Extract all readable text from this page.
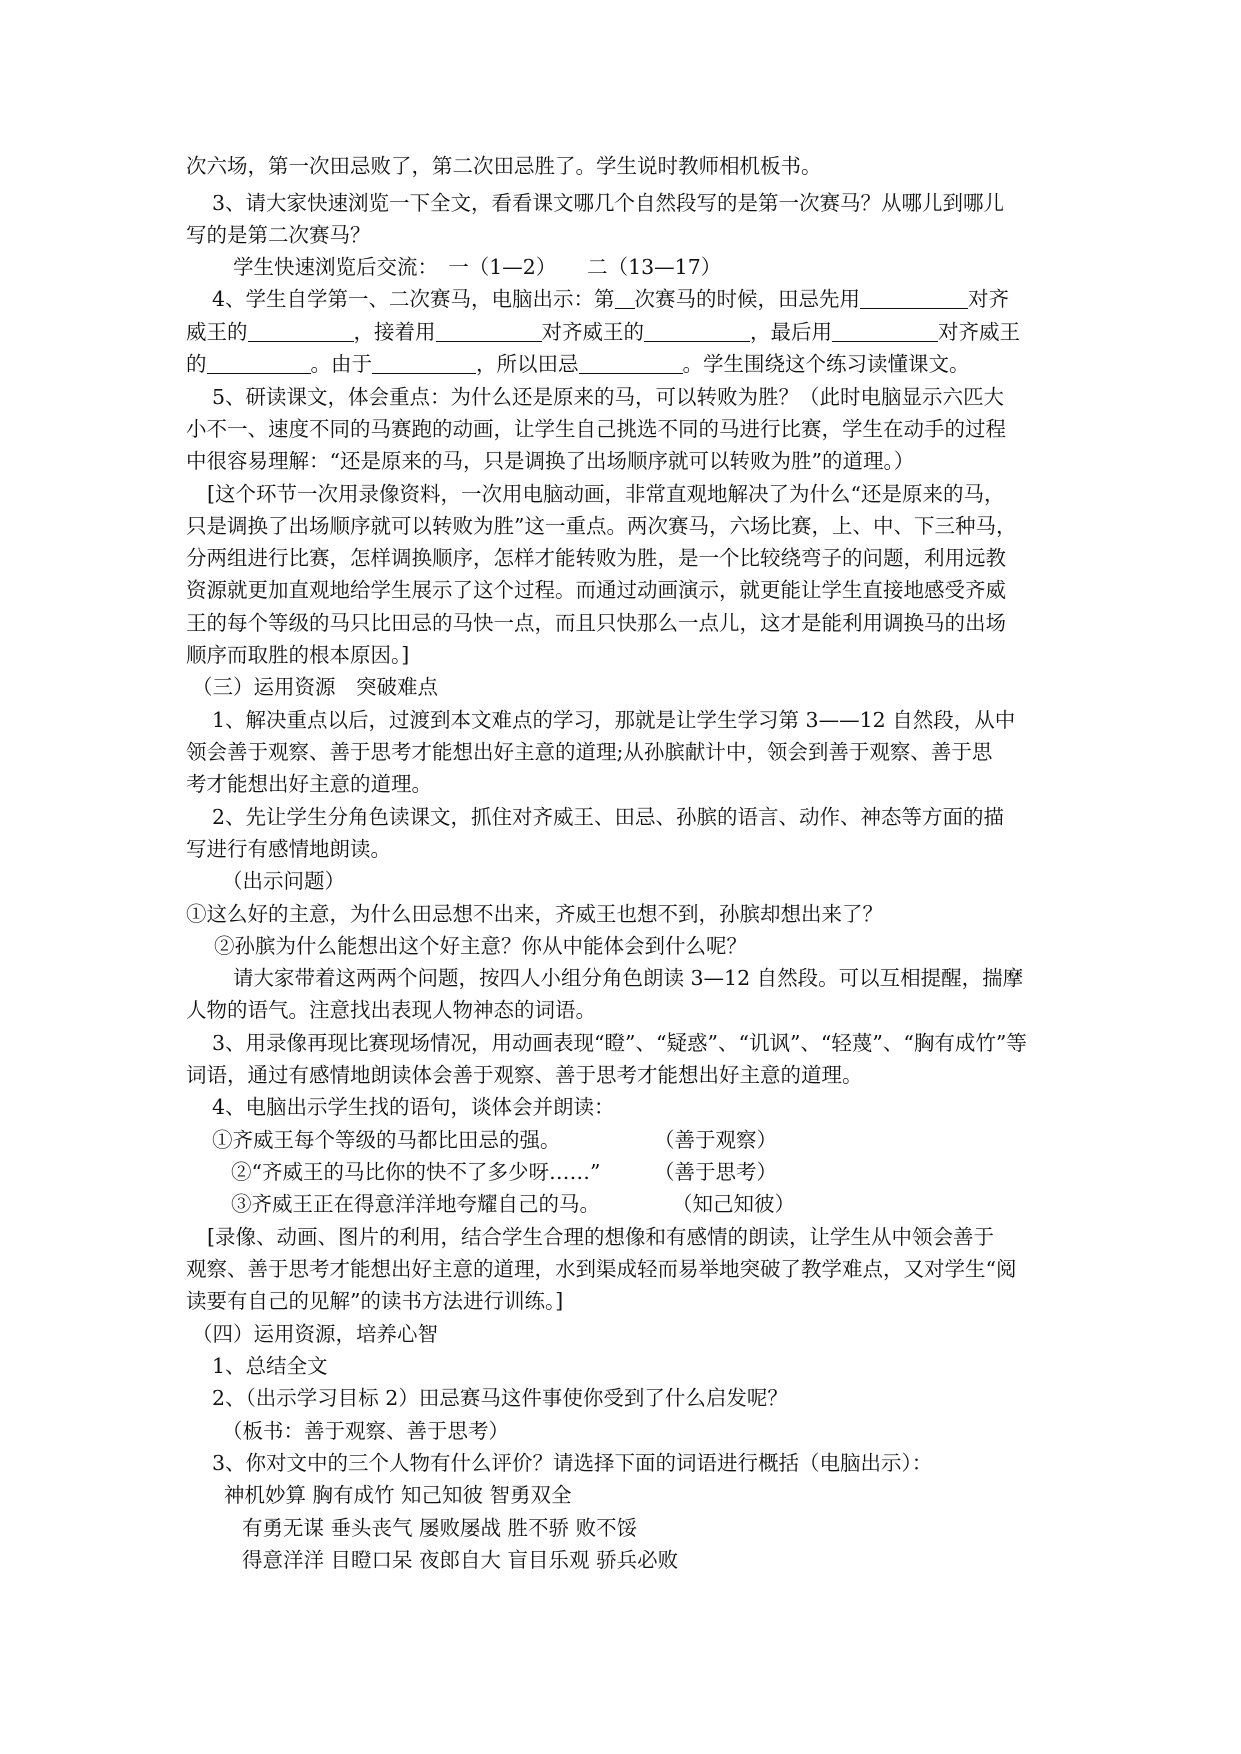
次六场，第一次田忌败了，第二次田忌胜了。学生说时教师相机板书。
3、请大家快速浏览一下全文，看看课文哪几个自然段写的是第一次赛马？从哪儿到哪儿
写的是第二次赛马？
学生快速浏览后交流：　一（1—2）　　二（13—17）
4、学生自学第一、二次赛马，电脑出示：第 次赛马的时候，田忌先用	对齐
威王的	，接着用	对齐威王的	，最后用	对齐威王
的	。由于	，所以田忌	。学生围绕这个练习读懂课文。
5、研读课文，体会重点：为什么还是原来的马，可以转败为胜？（此时电脑显示六匹大
小不一、速度不同的马赛跑的动画，让学生自己挑选不同的马进行比赛，学生在动手的过程
中很容易理解：“还是原来的马，只是调换了出场顺序就可以转败为胜”的道理。）
[这个环节一次用录像资料，一次用电脑动画，非常直观地解决了为什么“还是原来的马，
只是调换了出场顺序就可以转败为胜”这一重点。两次赛马，六场比赛，上、中、下三种马，
分两组进行比赛，怎样调换顺序，怎样才能转败为胜，是一个比较绕弯子的问题，利用远教
资源就更加直观地给学生展示了这个过程。而通过动画演示，就更能让学生直接地感受齐威
王的每个等级的马只比田忌的马快一点，而且只快那么一点儿，这才是能利用调换马的出场
顺序而取胜的根本原因。]
（三）运用资源　突破难点
1、解决重点以后，过渡到本文难点的学习，那就是让学生学习第 3——12 自然段，从中
领会善于观察、善于思考才能想出好主意的道理;从孙膑献计中，领会到善于观察、善于思
考才能想出好主意的道理。
2、先让学生分角色读课文，抓住对齐威王、田忌、孙膑的语言、动作、神态等方面的描
写进行有感情地朗读。
（出示问题）
①这么好的主意，为什么田忌想不出来，齐威王也想不到，孙膑却想出来了？
②孙膑为什么能想出这个好主意？你从中能体会到什么呢？
请大家带着这两两个问题，按四人小组分角色朗读 3—12 自然段。可以互相提醒，揣摩
人物的语气。注意找出表现人物神态的词语。
3、用录像再现比赛现场情况，用动画表现“瞪”、“疑惑”、“讥讽”、“轻蔑”、“胸有成竹”等
词语，通过有感情地朗读体会善于观察、善于思考才能想出好主意的道理。
4、电脑出示学生找的语句，谈体会并朗读：
①齐威王每个等级的马都比田忌的强。	（善于观察）
②“齐威王的马比你的快不了多少呀……”	（善于思考）
③齐威王正在得意洋洋地夸耀自己的马。	（知己知彼）
[录像、动画、图片的利用，结合学生合理的想像和有感情的朗读，让学生从中领会善于
观察、善于思考才能想出好主意的道理，水到渠成轻而易举地突破了教学难点，又对学生“阅
读要有自己的见解”的读书方法进行训练。]
（四）运用资源，培养心智
1、总结全文
2、（出示学习目标 2）田忌赛马这件事使你受到了什么启发呢？
（板书：善于观察、善于思考）
3、你对文中的三个人物有什么评价？请选择下面的词语进行概括（电脑出示）：
神机妙算 胸有成竹 知己知彼 智勇双全
有勇无谋 垂头丧气 屡败屡战 胜不骄 败不馁
得意洋洋 目瞪口呆 夜郎自大 盲目乐观 骄兵必败
